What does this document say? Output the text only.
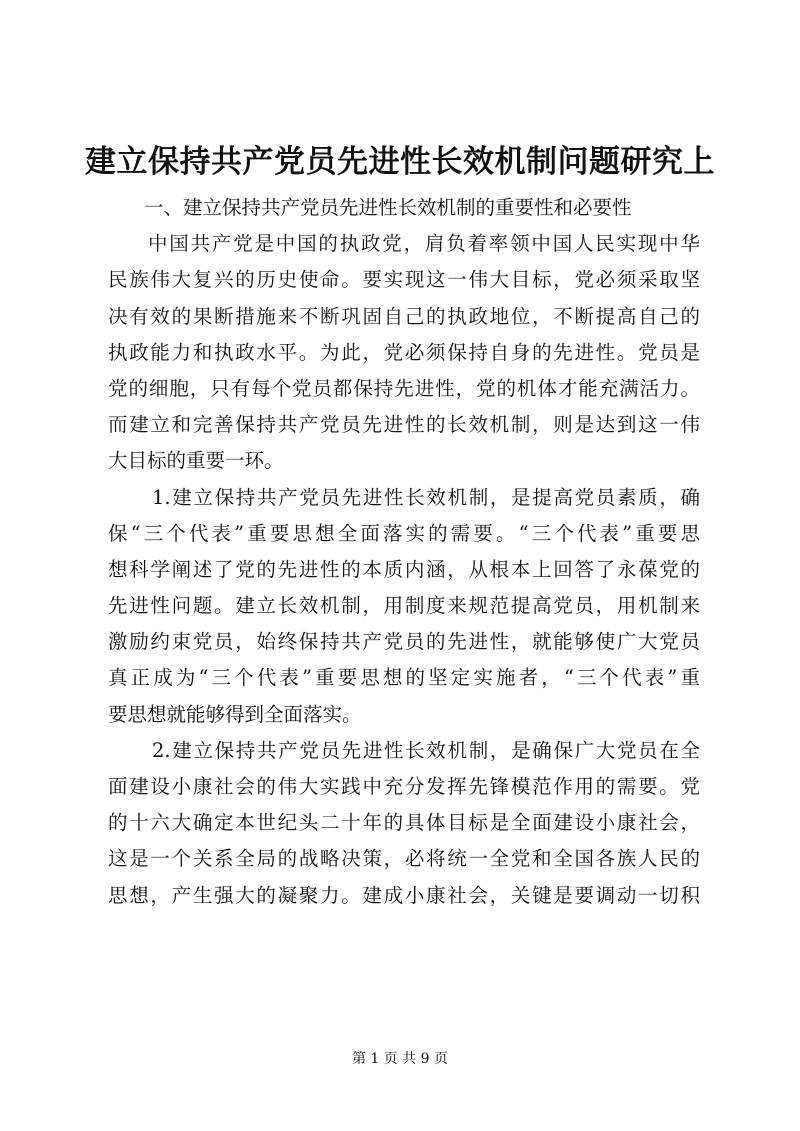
建立保持共产党员先进性长效机制问题研究上
一、建立保持共产党员先进性长效机制的重要性和必要性
中国共产党是中国的执政党，肩负着率领中国人民实现中华
民族伟大复兴的历史使命。要实现这一伟大目标，党必须采取坚
决有效的果断措施来不断巩固自己的执政地位，不断提高自己的
执政能力和执政水平。为此，党必须保持自身的先进性。党员是
党的细胞，只有每个党员都保持先进性，党的机体才能充满活力。
而建立和完善保持共产党员先进性的长效机制，则是达到这一伟
大目标的重要一环。
1.建立保持共产党员先进性长效机制，是提高党员素质，确
保“三个代表”重要思想全面落实的需要。“三个代表”重要思
想科学阐述了党的先进性的本质内涵，从根本上回答了永葆党的
先进性问题。建立长效机制，用制度来规范提高党员，用机制来
激励约束党员，始终保持共产党员的先进性，就能够使广大党员
真正成为“三个代表”重要思想的坚定实施者，“三个代表”重
要思想就能够得到全面落实。
2.建立保持共产党员先进性长效机制，是确保广大党员在全
面建设小康社会的伟大实践中充分发挥先锋模范作用的需要。党
的十六大确定本世纪头二十年的具体目标是全面建设小康社会，
这是一个关系全局的战略决策，必将统一全党和全国各族人民的
思想，产生强大的凝聚力。建成小康社会，关键是要调动一切积
第 1 页 共 9 页
